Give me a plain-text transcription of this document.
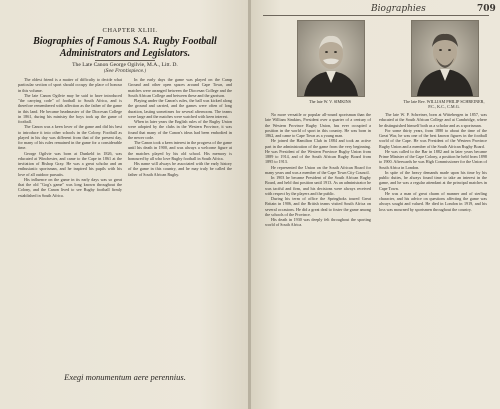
CHAPTER XLIII.
Biographies of Famous S.A. Rugby Football Administrators and Legislators.
The Late Canon George Ogilvie, M.A., Litt. D.
(See Frontispiece.)

The oldest friend is a matter of difficulty to decide what particular section of sport should occupy the place of honour in this volume.

The late Canon Ogilvie may be said to have introduced "the carrying code" of football to South Africa, and is therefore remembered with affection as the father of the game in this land. He became headmaster of the Diocesan College in 1861, during his ministry the boys took up the game of football.

The Canon was a keen lover of the game and did his best to introduce it into other schools in the Colony. Football as played in his day was different from that of the present day, for many of his rules remained in the game for a considerable time.

George Ogilvie was born at Dunkeld in 1826, was educated at Winchester, and came to the Cape in 1861 at the invitation of Bishop Gray. He was a great scholar and an enthusiastic sportsman, and he inspired his pupils with his love of all outdoor pursuits.

His influence on the game in its early days was so great that the old "Gog's game" was long known throughout the Colony, and the Canon lived to see Rugby football firmly established in South Africa.

In the early days the game was played on the Camp Ground and other open spaces around Cape Town, and matches were arranged between the Diocesan College and the South African College and between these and the garrison.

Playing under the Canon's rules, the ball was kicked along the ground and carried, and the games were often of long duration, lasting sometimes for several afternoons. The teams were large and the matches were watched with keen interest.

When in later years the English rules of the Rugby Union were adopted by the clubs in the Western Province, it was found that many of the Canon's ideas had been embodied in the newer code.

The Canon took a keen interest in the progress of the game until his death in 1900, and was always a welcome figure at the matches played by his old school. His memory is honoured by all who love Rugby football in South Africa.

His name will always be associated with the early history of the game in this country, and he may truly be called the father of South African Rugby.

Exegi monumentum aere perennius.
Biographies	709
The late W. V. SIMKINS	The late Rev. WILLIAM PHILIP SCHREINER, P.C., K.C., C.M.G.

No more versatile or popular all-round sportsman than the late William Simkins, President over a quarter of a century of the Western Province Rugby Union, has ever occupied a position in the world of sport in this country. He was born in 1862, and came to Cape Town as a young man.

He joined the Hamilton Club in 1884 and took an active part in the administration of the game from the very beginning. He was President of the Western Province Rugby Union from 1889 to 1914, and of the South African Rugby Board from 1895 to 1913.

He represented the Union on the South African Board for many years and was a member of the Cape Town City Council.

In 1903 he became President of the South African Rugby Board, and held that position until 1913. As an administrator he was tactful and firm, and his decisions were always received with respect by the players and the public.

During his term of office the Springboks toured Great Britain in 1906, and the British teams visited South Africa on several occasions. He did a great deal to foster the game among the schools of the Province.

His death in 1930 was deeply felt throughout the sporting world of South Africa.

The late W. P. Schreiner, born at Wittebergen in 1857, was educated at the South African College and at Cambridge, where he distinguished himself both as a scholar and as a sportsman.

For some thirty years, from 1880 to about the time of the Great War, he was one of the best known figures in the football world of the Cape. He was President of the Western Province Rugby Union and a member of the South African Rugby Board.

He was called to the Bar in 1882 and in later years became Prime Minister of the Cape Colony, a position he held from 1898 to 1900. Afterwards he was High Commissioner for the Union of South Africa in London.

In spite of the heavy demands made upon his time by his public duties, he always found time to take an interest in the game, and he was a regular attendant at the principal matches in Cape Town.

He was a man of great charm of manner and of sterling character, and his advice on questions affecting the game was always sought and valued. He died in London in 1919, and his loss was mourned by sportsmen throughout the country.
